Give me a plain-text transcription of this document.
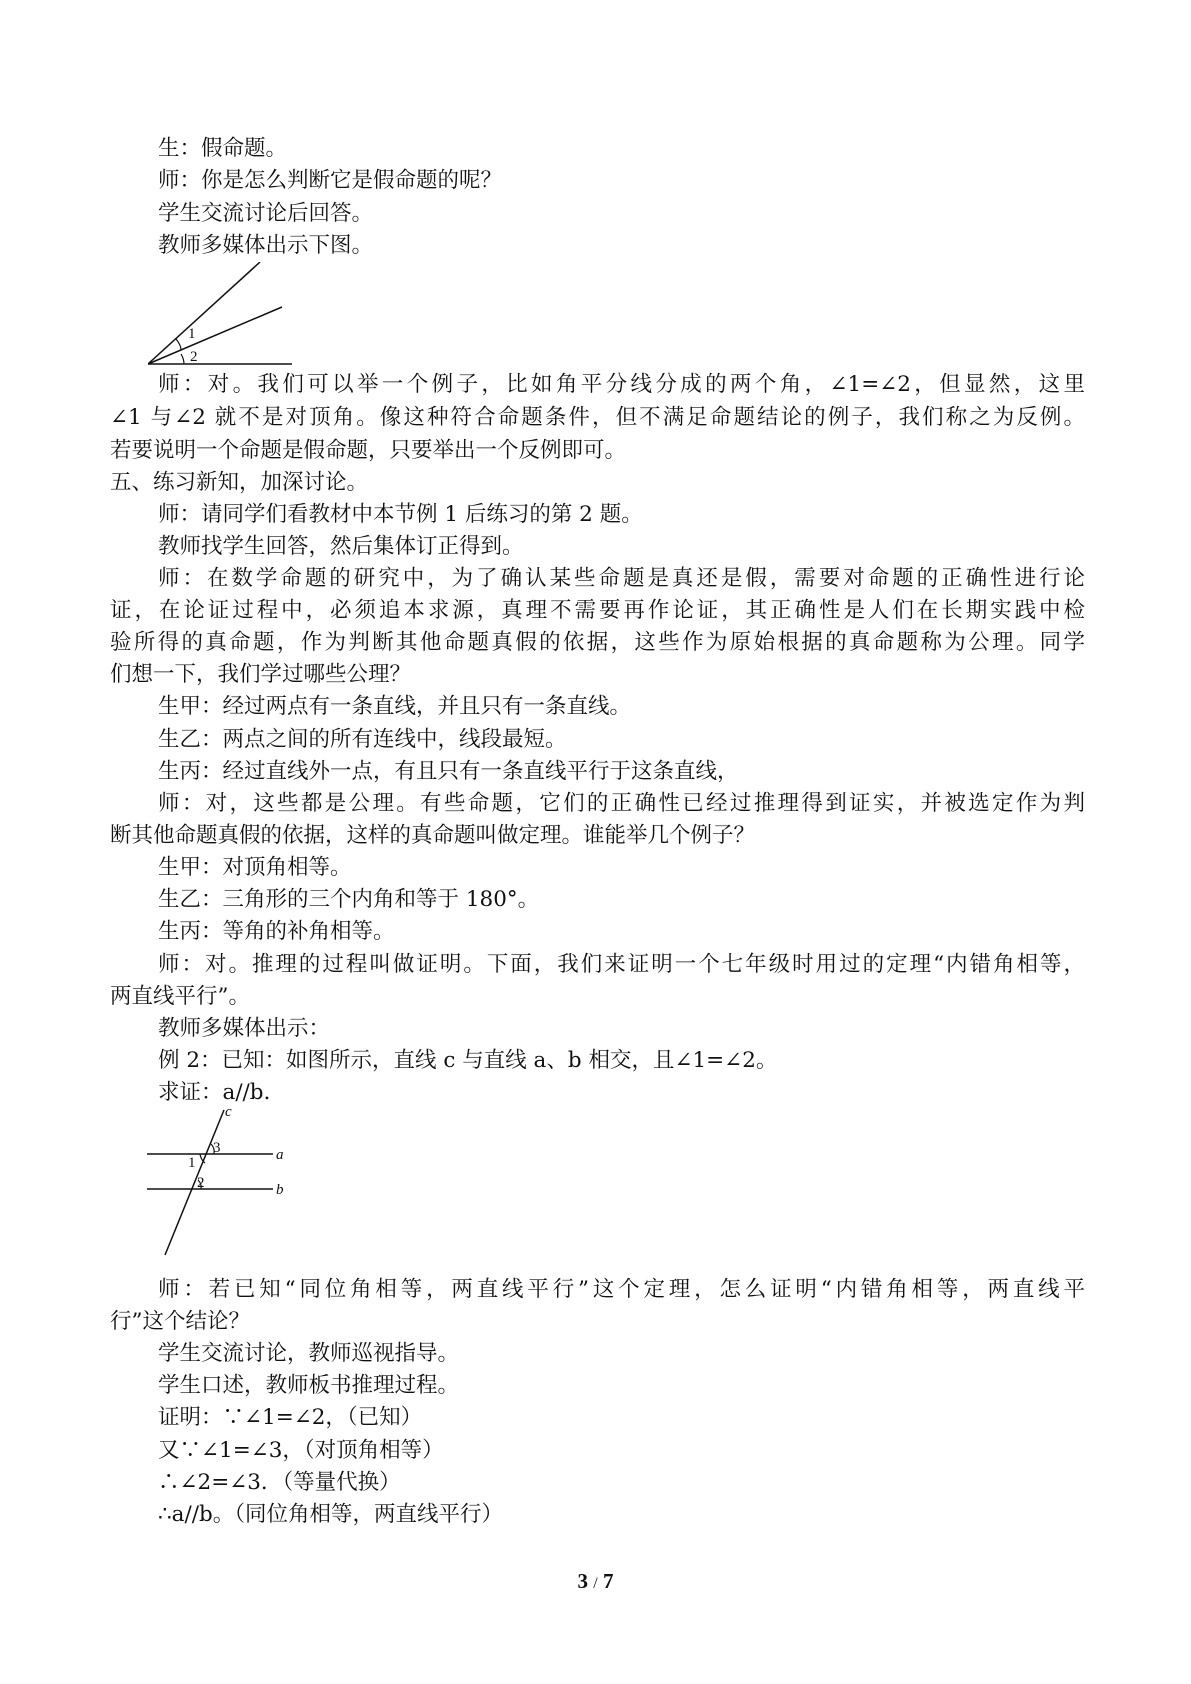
生：假命题。

师：你是怎么判断它是假命题的呢？

学生交流讨论后回答。

教师多媒体出示下图。

1
2

师：对。我们可以举一个例子，比如角平分线分成的两个角，∠1=∠2，但显然，这里

∠1 与∠2 就不是对顶角。像这种符合命题条件，但不满足命题结论的例子，我们称之为反例。

若要说明一个命题是假命题，只要举出一个反例即可。

五、练习新知，加深讨论。

师：请同学们看教材中本节例 1 后练习的第 2 题。

教师找学生回答，然后集体订正得到。

师：在数学命题的研究中，为了确认某些命题是真还是假，需要对命题的正确性进行论

证，在论证过程中，必须追本求源，真理不需要再作论证，其正确性是人们在长期实践中检

验所得的真命题，作为判断其他命题真假的依据，这些作为原始根据的真命题称为公理。同学

们想一下，我们学过哪些公理？

生甲：经过两点有一条直线，并且只有一条直线。

生乙：两点之间的所有连线中，线段最短。

生丙：经过直线外一点，有且只有一条直线平行于这条直线，

师：对，这些都是公理。有些命题，它们的正确性已经过推理得到证实，并被选定作为判

断其他命题真假的依据，这样的真命题叫做定理。谁能举几个例子？

生甲：对顶角相等。

生乙：三角形的三个内角和等于 180°。

生丙：等角的补角相等。

师：对。推理的过程叫做证明。下面，我们来证明一个七年级时用过的定理“内错角相等，

两直线平行”。

教师多媒体出示：

例 2：已知：如图所示，直线 c 与直线 a、b 相交，且∠1=∠2。

求证：a//b．

c
a
b
3
1
2

师：若已知“同位角相等，两直线平行”这个定理，怎么证明“内错角相等，两直线平

行”这个结论？

学生交流讨论，教师巡视指导。

学生口述，教师板书推理过程。

证明：∵∠1=∠2，（已知）

又∵∠1=∠3，（对顶角相等）

∴∠2=∠3．（等量代换）

∴a//b。（同位角相等，两直线平行）

3 / 7
